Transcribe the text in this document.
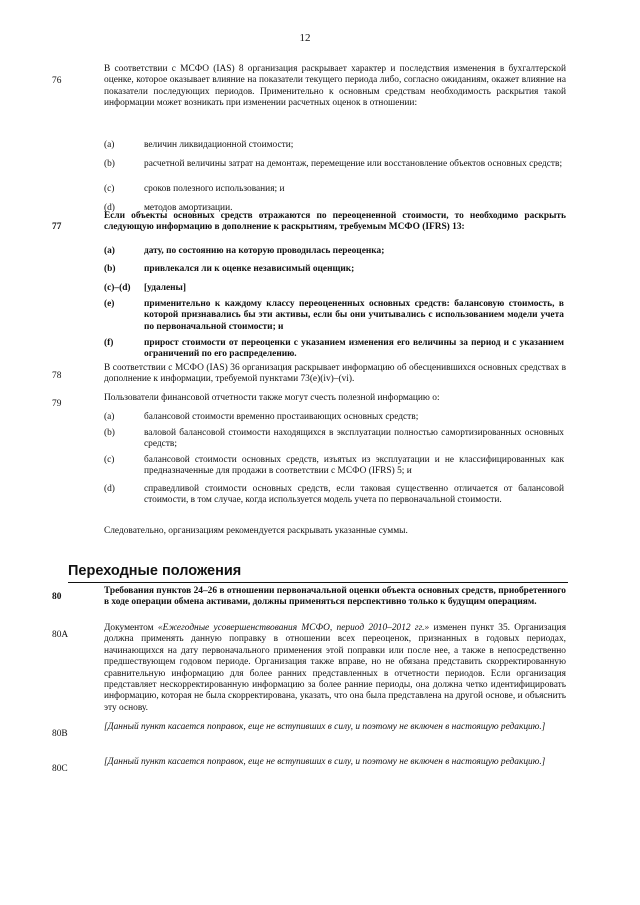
12
76
В соответствии с МСФО (IAS) 8 организация раскрывает характер и последствия изменения в бухгалтерской оценке, которое оказывает влияние на показатели текущего периода либо, согласно ожиданиям, окажет влияние на показатели последующих периодов. Применительно к основным средствам необходимость раскрытия такой информации может возникать при изменении расчетных оценок в отношении:
(a)	величин ликвидационной стоимости;
(b)	расчетной величины затрат на демонтаж, перемещение или восстановление объектов основных средств;
(c)	сроков полезного использования; и
(d)	методов амортизации.
77
Если объекты основных средств отражаются по переоцененной стоимости, то необходимо раскрыть следующую информацию в дополнение к раскрытиям, требуемым МСФО (IFRS) 13:
(a)	дату, по состоянию на которую проводилась переоценка;
(b)	привлекался ли к оценке независимый оценщик;
(c)–(d)	[удалены]
(e)	применительно к каждому классу переоцененных основных средств: балансовую стоимость, в которой признавались бы эти активы, если бы они учитывались с использованием модели учета по первоначальной стоимости; и
(f)	прирост стоимости от переоценки с указанием изменения его величины за период и с указанием ограничений по его распределению.
78
В соответствии с МСФО (IAS) 36 организация раскрывает информацию об обесценившихся основных средствах в дополнение к информации, требуемой пунктами 73(e)(iv)–(vi).
79
Пользователи финансовой отчетности также могут счесть полезной информацию о:
(a)	балансовой стоимости временно простаивающих основных средств;
(b)	валовой балансовой стоимости находящихся в эксплуатации полностью самортизированных основных средств;
(c)	балансовой стоимости основных средств, изъятых из эксплуатации и не классифицированных как предназначенные для продажи в соответствии с МСФО (IFRS) 5; и
(d)	справедливой стоимости основных средств, если таковая существенно отличается от балансовой стоимости, в том случае, когда используется модель учета по первоначальной стоимости.
Следовательно, организациям рекомендуется раскрывать указанные суммы.
Переходные положения
80
Требования пунктов 24–26 в отношении первоначальной оценки объекта основных средств, приобретенного в ходе операции обмена активами, должны применяться перспективно только к будущим операциям.
80A
Документом «Ежегодные усовершенствования МСФО, период 2010–2012 гг.» изменен пункт 35. Организация должна применять данную поправку в отношении всех переоценок, признанных в годовых периодах, начинающихся на дату первоначального применения этой поправки или после нее, а также в непосредственно предшествующем годовом периоде. Организация также вправе, но не обязана представить скорректированную сравнительную информацию для более ранних представленных в отчетности периодов. Если организация представляет нескорректированную информацию за более ранние периоды, она должна четко идентифицировать информацию, которая не была скорректирована, указать, что она была представлена на другой основе, и объяснить эту основу.
80B
[Данный пункт касается поправок, еще не вступивших в силу, и поэтому не включен в настоящую редакцию.]
80C
[Данный пункт касается поправок, еще не вступивших в силу, и поэтому не включен в настоящую редакцию.]
